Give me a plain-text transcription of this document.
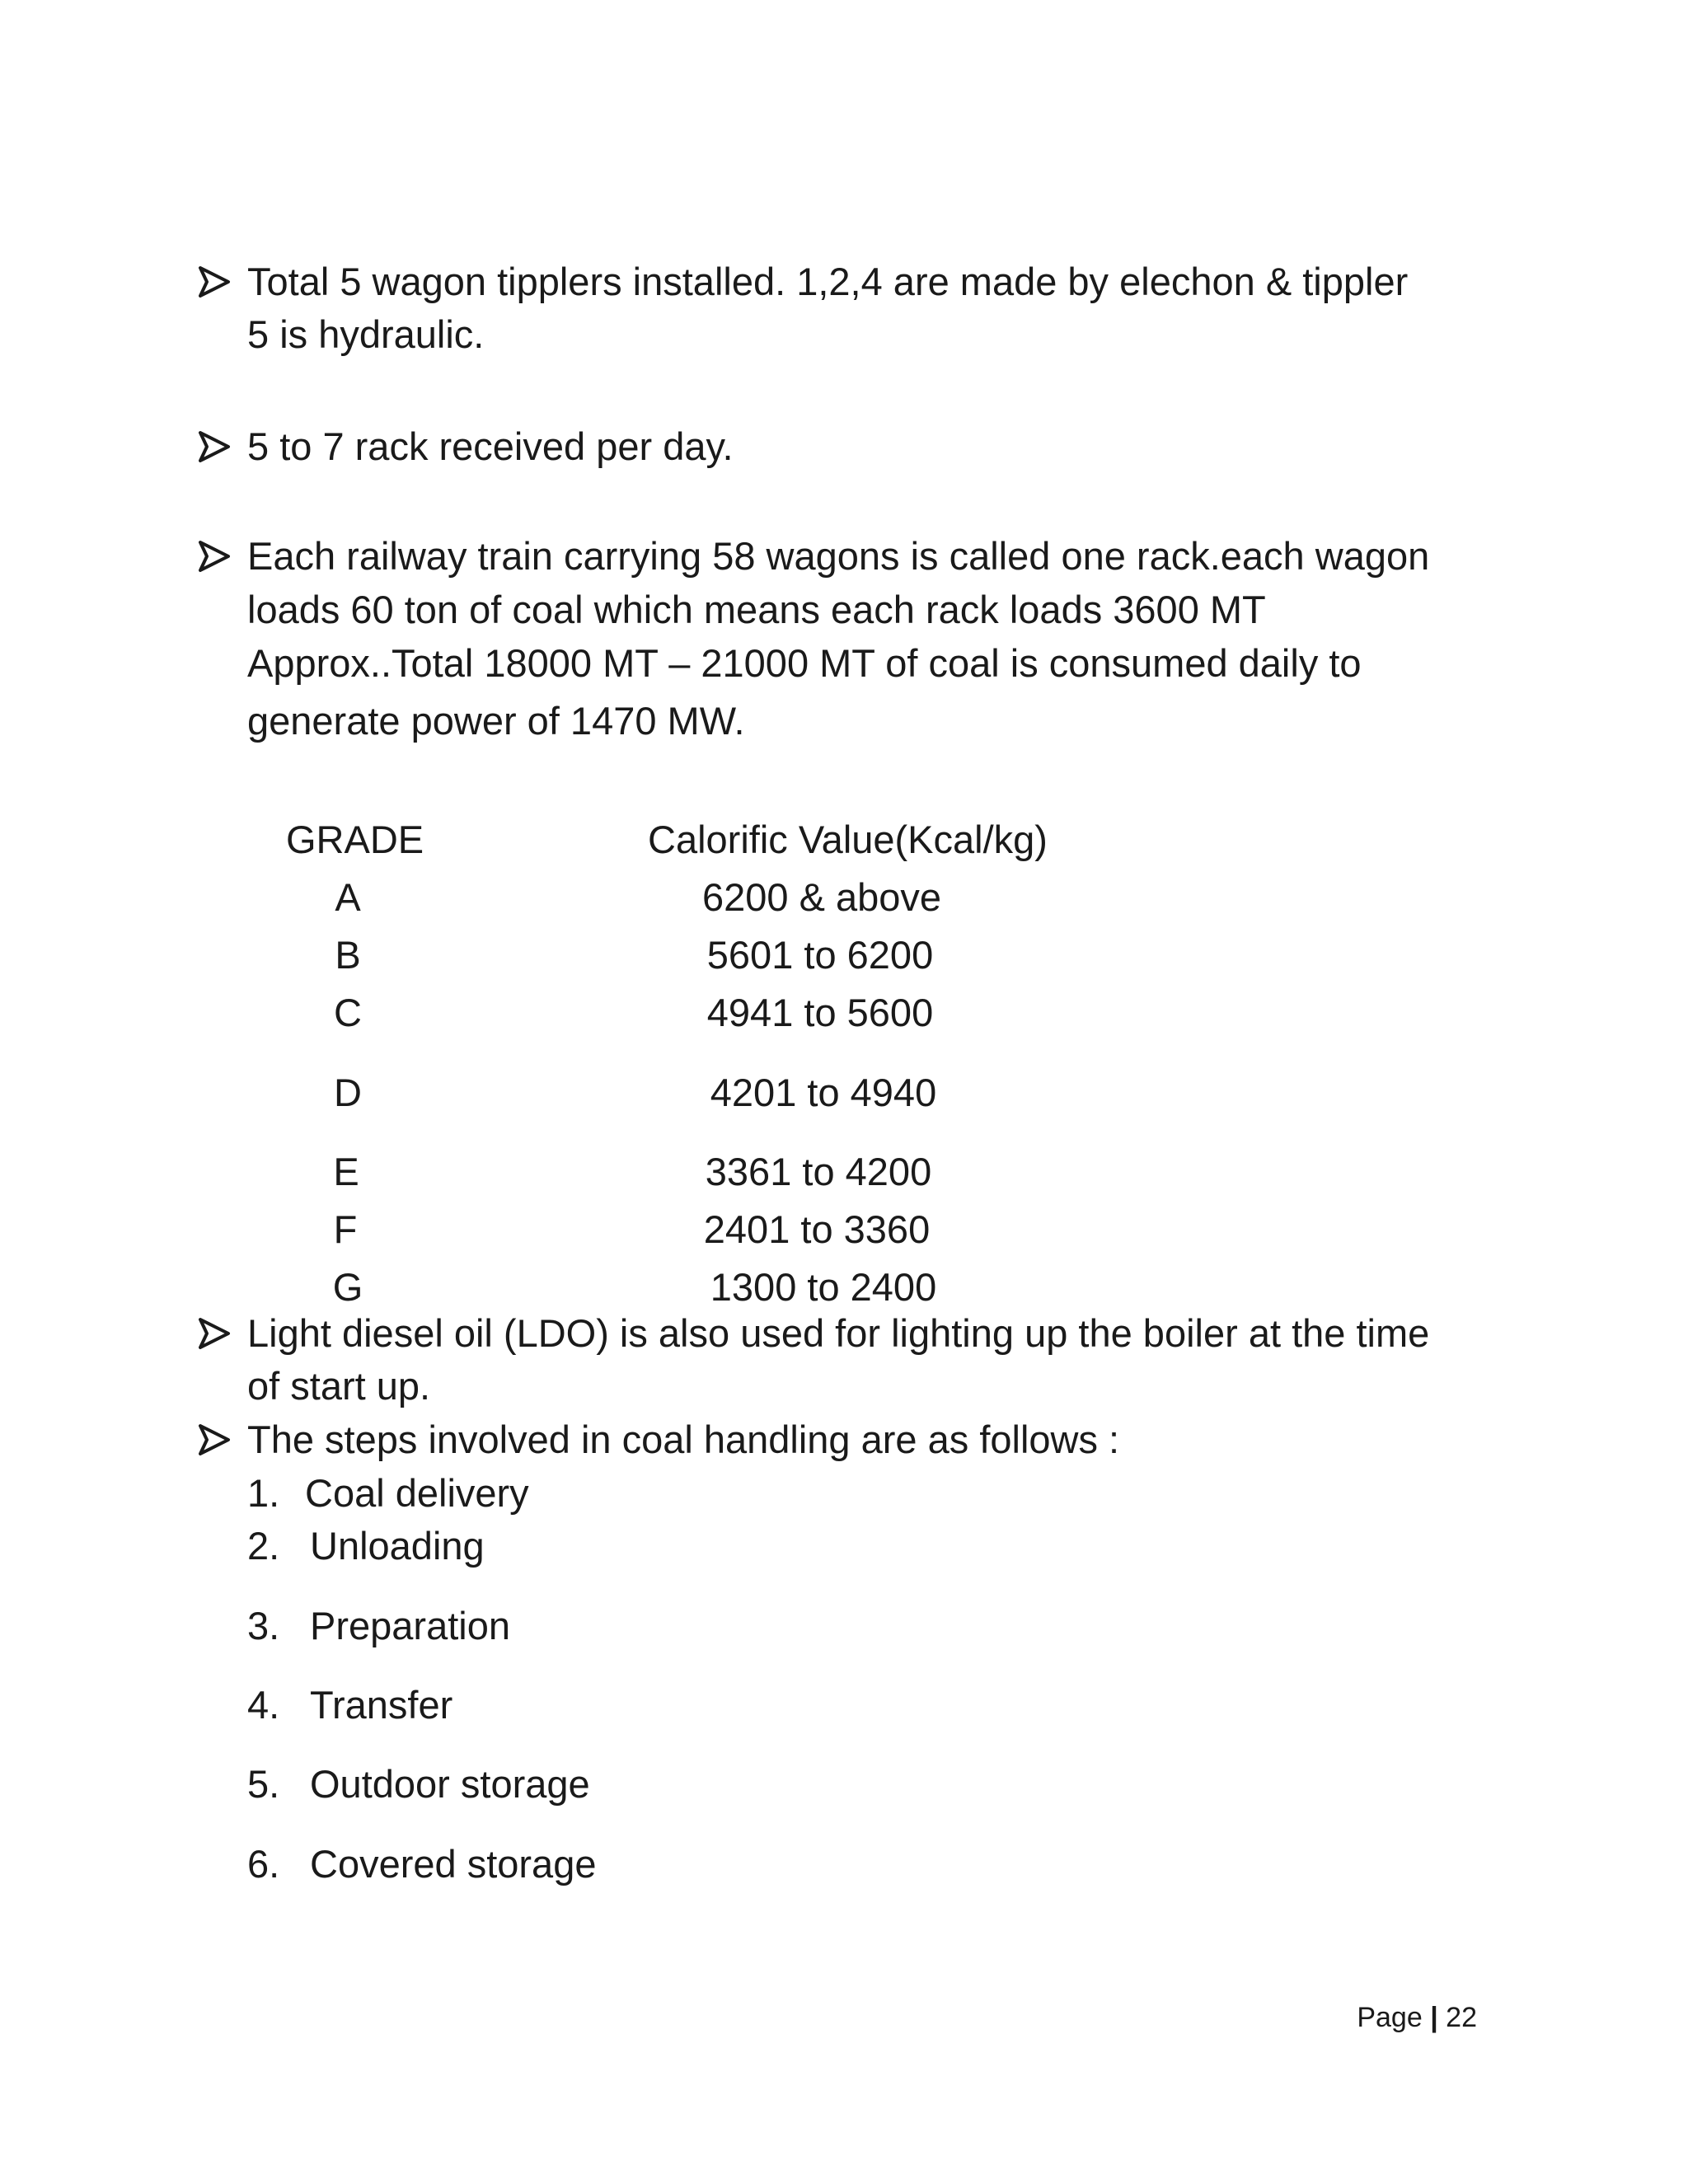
Total 5 wagon tipplers installed. 1,2,4 are made by elechon & tippler
5 is hydraulic.
5 to 7 rack received per day.
Each railway train carrying 58 wagons is called one rack.each wagon
loads 60 ton of coal which means each rack loads 3600 MT
Approx..Total 18000 MT – 21000 MT of coal is consumed daily to
generate power of 1470 MW.
GRADE	Calorific Value(Kcal/kg)
A	6200 & above
B	5601 to 6200
C	4941 to 5600
D	4201 to 4940
E	3361 to 4200
F	2401 to 3360
G	1300 to 2400
Light diesel oil (LDO) is also used for lighting up the boiler at the time
of start up.
The steps involved in coal handling are as follows :
1. Coal delivery
2. Unloading
3. Preparation
4. Transfer
5. Outdoor storage
6. Covered storage
Page | 22
